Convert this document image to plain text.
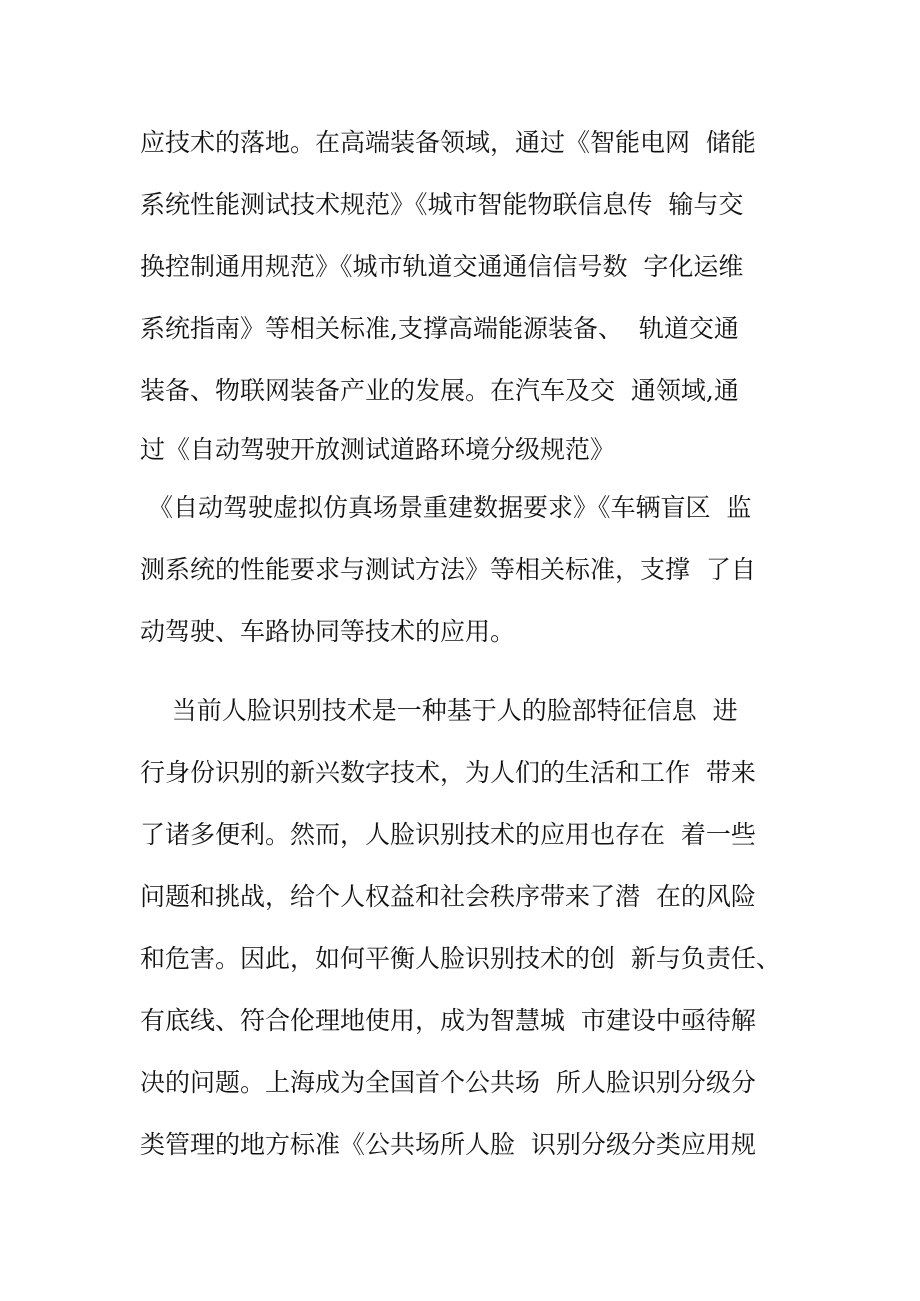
应技术的落地。在高端装备领域，通过《智能电网  储能
系统性能测试技术规范》《城市智能物联信息传  输与交
换控制通用规范》《城市轨道交通通信信号数  字化运维
系统指南》等相关标准,支撑高端能源装备、  轨道交通
装备、物联网装备产业的发展。在汽车及交  通领域,通
过《自动驾驶开放测试道路环境分级规范》
《自动驾驶虚拟仿真场景重建数据要求》《车辆盲区  监
测系统的性能要求与测试方法》等相关标准，支撑  了自
动驾驶、车路协同等技术的应用。
当前人脸识别技术是一种基于人的脸部特征信息  进
行身份识别的新兴数字技术，为人们的生活和工作  带来
了诸多便利。然而，人脸识别技术的应用也存在  着一些
问题和挑战，给个人权益和社会秩序带来了潜  在的风险
和危害。因此，如何平衡人脸识别技术的创  新与负责任、
有底线、符合伦理地使用，成为智慧城  市建设中亟待解
决的问题。上海成为全国首个公共场  所人脸识别分级分
类管理的地方标准《公共场所人脸  识别分级分类应用规
